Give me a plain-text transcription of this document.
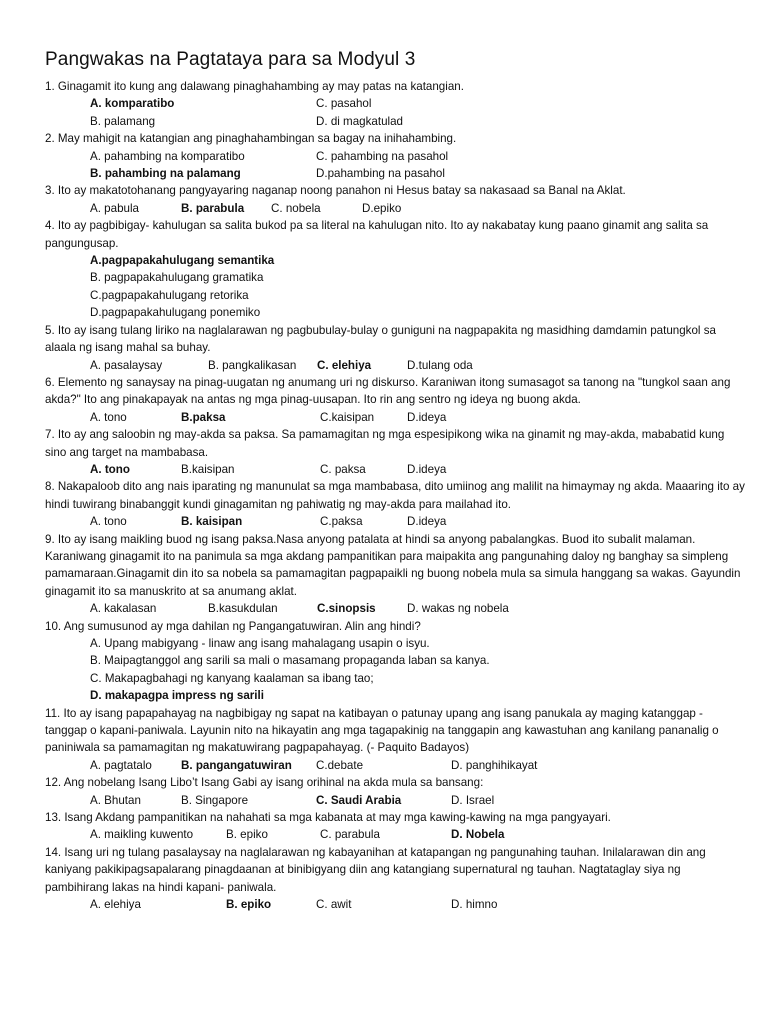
Pangwakas na Pagtataya para sa Modyul 3

1. Ginagamit ito kung ang dalawang pinaghahambing ay may patas na katangian.

A. komparatibo	C. pasahol
B. palamang	D. di magkatulad

2. May mahigit na katangian ang pinaghahambingan sa bagay na inihahambing.

A. pahambing na komparatibo	C. pahambing na pasahol
B. pahambing na palamang	D.pahambing na pasahol

3. Ito ay makatotohanang pangyayaring naganap noong panahon ni Hesus batay sa nakasaad sa Banal na Aklat.

A. pabula	B. parabula	C. nobela	D.epiko

4. Ito ay pagbibigay- kahulugan sa salita bukod pa sa literal na kahulugan nito. Ito ay nakabatay kung paano ginamit ang salita sa pangungusap.

A.pagpapakahulugang semantika
B. pagpapakahulugang gramatika
C.pagpapakahulugang retorika
D.pagpapakahulugang ponemiko

5. Ito ay isang tulang liriko na naglalarawan ng pagbubulay-bulay o guniguni na nagpapakita ng masidhing damdamin patungkol sa alaala ng isang mahal sa buhay.

A. pasalaysay	B. pangkalikasan	C. elehiya	D.tulang oda

6. Elemento ng sanaysay na pinag-uugatan ng anumang uri ng diskurso. Karaniwan itong sumasagot sa tanong na "tungkol saan ang akda?" Ito ang pinakapayak na antas ng mga pinag-uusapan. Ito rin ang sentro ng ideya ng buong akda.

A. tono	B.paksa	C.kaisipan	D.ideya

7. Ito ay ang saloobin ng may-akda sa paksa. Sa pamamagitan ng mga espesipikong wika na ginamit ng may-akda, mababatid kung sino ang target na mambabasa.

A. tono	B.kaisipan	C. paksa	D.ideya

8. Nakapaloob dito ang nais iparating ng manunulat sa mga mambabasa, dito umiinog ang malilit na himaymay ng akda. Maaaring ito ay hindi tuwirang binabanggit kundi ginagamitan ng pahiwatig ng may-akda para mailahad ito.

A. tono	B. kaisipan	C.paksa	D.ideya

9. Ito ay isang maikling buod ng isang paksa.Nasa anyong patalata at hindi sa anyong pabalangkas. Buod ito subalit malaman. Karaniwang ginagamit ito na panimula sa mga akdang pampanitikan para maipakita ang pangunahing daloy ng banghay sa simpleng pamamaraan.Ginagamit din ito sa nobela sa pamamagitan pagpapaikli ng buong nobela mula sa simula hanggang sa wakas. Gayundin ginagamit ito sa manuskrito at sa anumang aklat.

A. kakalasan	B.kasukdulan	C.sinopsis	D. wakas ng nobela

10. Ang sumusunod ay mga dahilan ng Pangangatuwiran. Alin ang hindi?

A. Upang mabigyang - linaw ang isang mahalagang usapin o isyu.
B. Maipagtanggol ang sarili sa mali o masamang propaganda laban sa kanya.
C. Makapagbahagi ng kanyang kaalaman sa ibang tao;
D. makapagpa impress ng sarili

11. Ito ay isang papapahayag na nagbibigay ng sapat na katibayan o patunay upang ang isang panukala ay maging katanggap - tanggap o kapani-paniwala. Layunin nito na hikayatin ang mga tagapakinig na tanggapin ang kawastuhan ang kanilang pananalig o paniniwala sa pamamagitan ng makatuwirang pagpapahayag. (- Paquito Badayos)

A. pagtatalo	B. pangangatuwiran	C.debate	D. panghihikayat

12. Ang nobelang Isang Libo’t Isang Gabi ay isang orihinal na akda mula sa bansang:

A. Bhutan	B. Singapore	C. Saudi Arabia	D. Israel

13. Isang Akdang pampanitikan na nahahati sa mga kabanata at may mga kawing-kawing na mga pangyayari.

A. maikling kuwento	B. epiko	C. parabula	D. Nobela

14. Isang uri ng tulang pasalaysay na naglalarawan ng kabayanihan at katapangan ng pangunahing tauhan. Inilalarawan din ang kaniyang pakikipagsapalarang pinagdaanan at binibigyang diin ang katangiang supernatural ng tauhan. Nagtataglay siya ng pambihirang lakas na hindi kapani- paniwala.

A. elehiya	B. epiko	C. awit	D. himno
